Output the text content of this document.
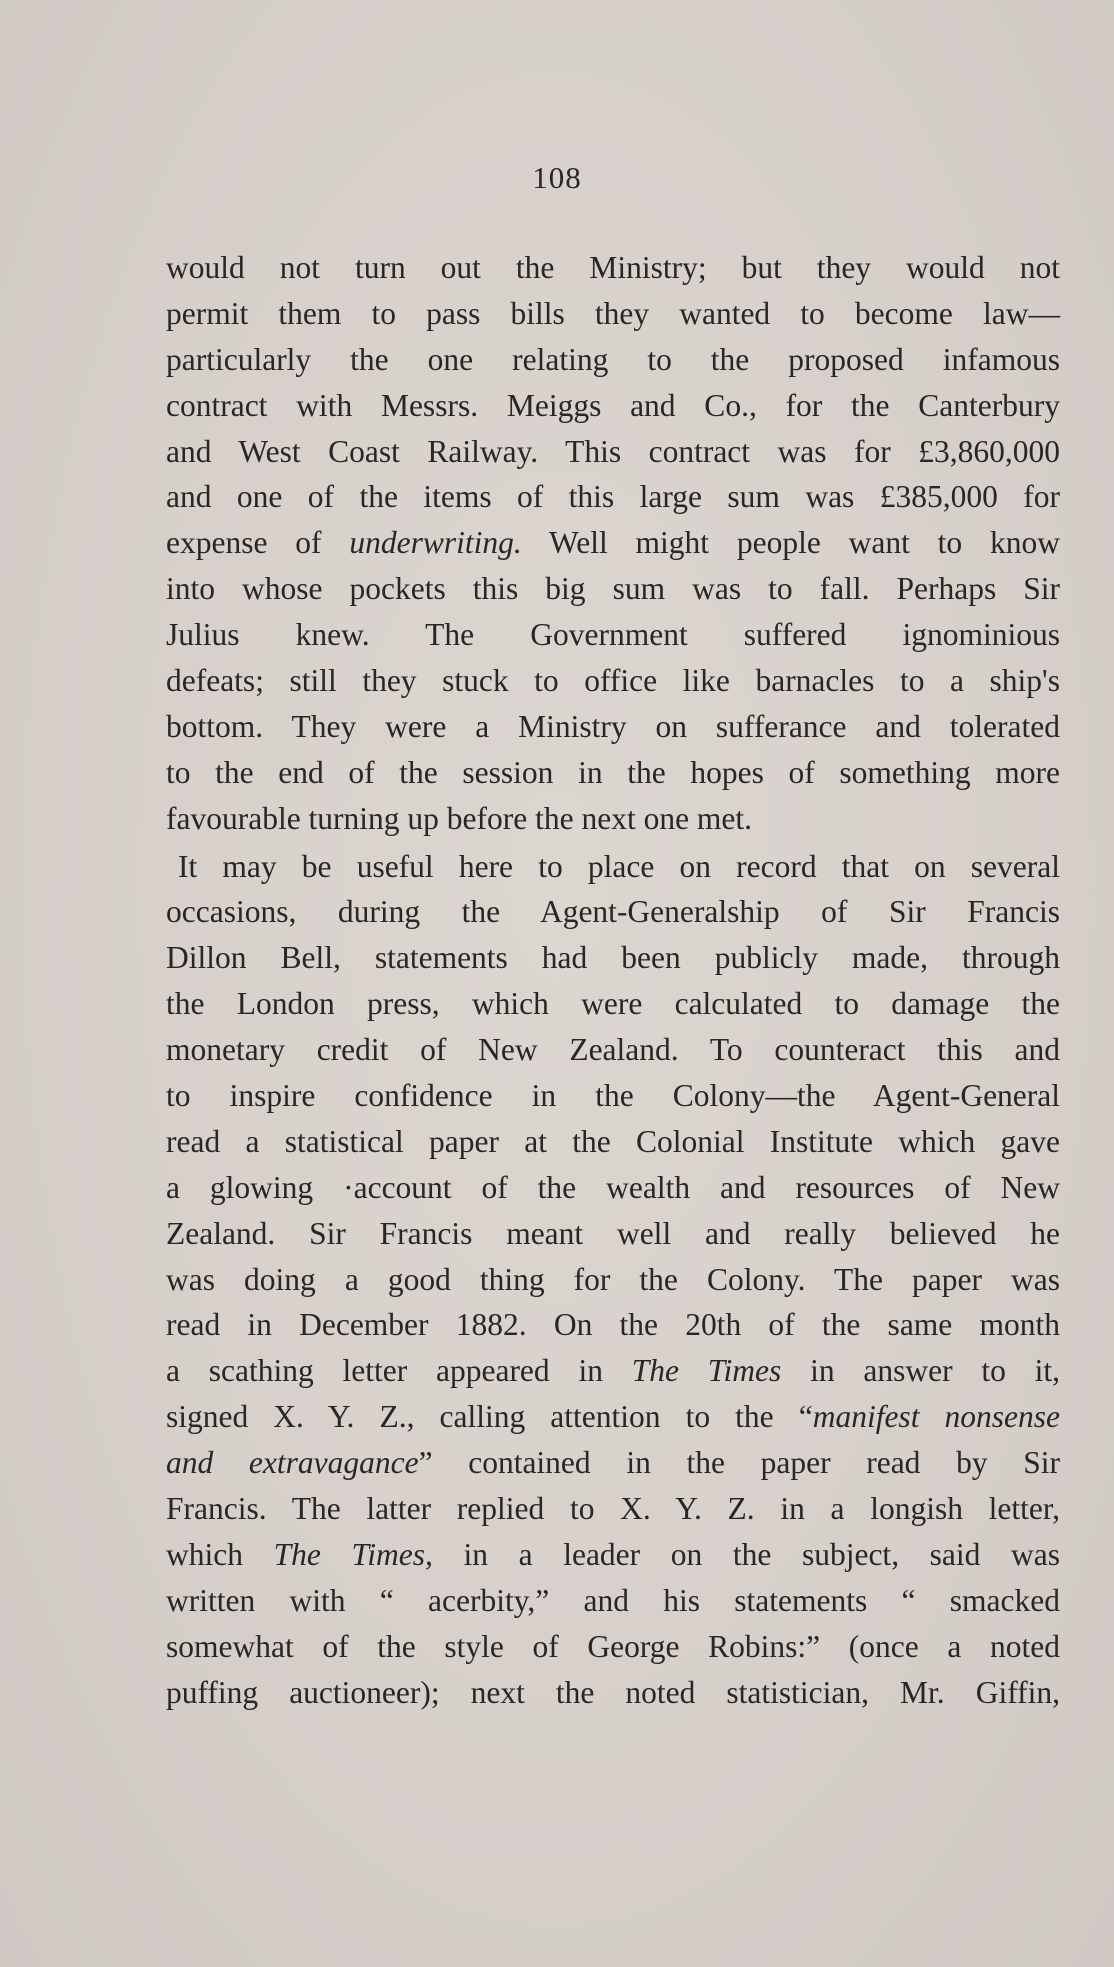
108
would not turn out the Ministry; but they would not
permit them to pass bills they wanted to become law—
particularly the one relating to the proposed infamous
contract with Messrs. Meiggs and Co., for the Canterbury
and West Coast Railway. This contract was for £3,860,000
and one of the items of this large sum was £385,000 for
expense of underwriting. Well might people want to know
into whose pockets this big sum was to fall. Perhaps Sir
Julius knew. The Government suffered ignominious
defeats; still they stuck to office like barnacles to a ship's
bottom. They were a Ministry on sufferance and tolerated
to the end of the session in the hopes of something more
favourable turning up before the next one met.
It may be useful here to place on record that on several
occasions, during the Agent-Generalship of Sir Francis
Dillon Bell, statements had been publicly made, through
the London press, which were calculated to damage the
monetary credit of New Zealand. To counteract this and
to inspire confidence in the Colony—the Agent-General
read a statistical paper at the Colonial Institute which gave
a glowing ·account of the wealth and resources of New
Zealand. Sir Francis meant well and really believed he
was doing a good thing for the Colony. The paper was
read in December 1882. On the 20th of the same month
a scathing letter appeared in The Times in answer to it,
signed X. Y. Z., calling attention to the “manifest nonsense
and extravagance” contained in the paper read by Sir
Francis. The latter replied to X. Y. Z. in a longish letter,
which The Times, in a leader on the subject, said was
written with “ acerbity,” and his statements “ smacked
somewhat of the style of George Robins:” (once a noted
puffing auctioneer); next the noted statistician, Mr. Giffin,
